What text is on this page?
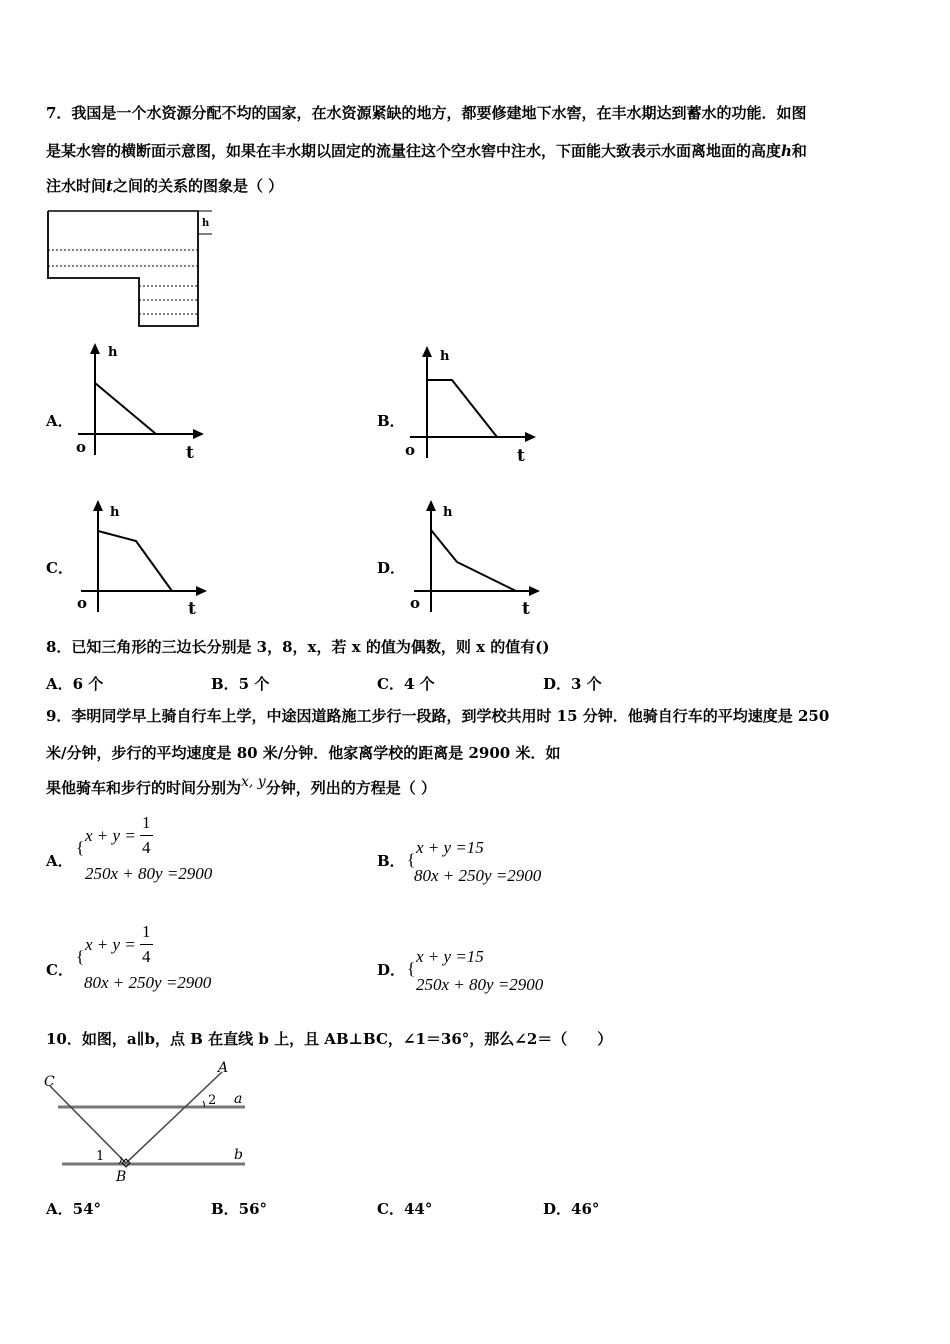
7．我国是一个水资源分配不均的国家，在水资源紧缺的地方，都要修建地下水窖，在丰水期达到蓄水的功能．如图
是某水窖的横断面示意图，如果在丰水期以固定的流量往这个空水窖中注水，下面能大致表示水面离地面的高度h和
注水时间t之间的关系的图象是（ ）
h
A．
h
o	t
B．
h
o	t
C．
h
o	t
D．
h
o	t
8．已知三角形的三边长分别是 3，8，x，若 x 的值为偶数，则 x 的值有()
A．6 个	B．5 个	C．4 个	D．3 个
9．李明同学早上骑自行车上学，中途因道路施工步行一段路，到学校共用时 15 分钟．他骑自行车的平均速度是 250
米/分钟，步行的平均速度是 80 米/分钟．他家离学校的距离是 2900 米．如
果他骑车和步行的时间分别为x, y分钟，列出的方程是（ ）
A．
{
x + y =
1
4
250x + 80y =2900
B． {
x + y =15
80x + 250y =2900
C．
{
x + y =
1
4
80x + 250y =2900
D． {
x + y =15
250x + 80y =2900
10．如图，a∥b，点 B 在直线 b 上，且 AB⊥BC，∠1＝36°，那么∠2＝（　　）
C
A
2 a
1	b
B
A．54°	B．56°	C．44°	D．46°
